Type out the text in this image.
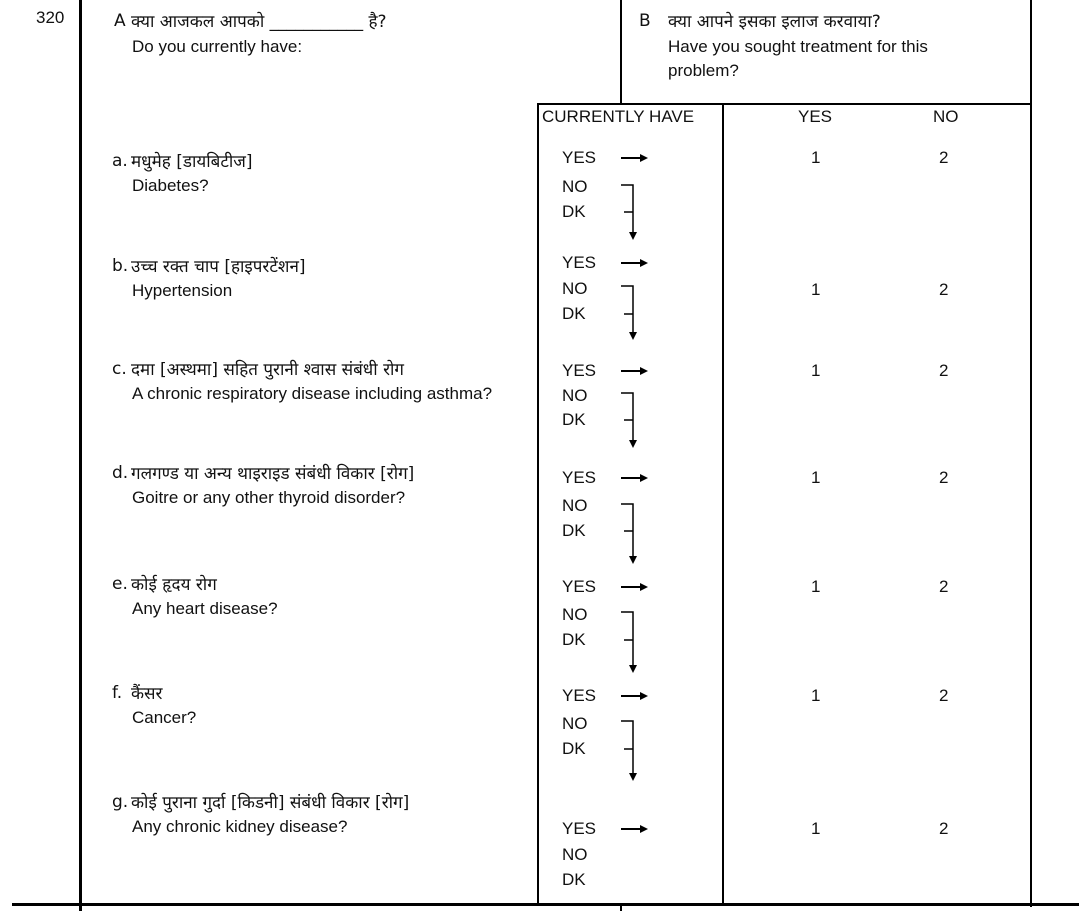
320	A क्या आजकल आपको ___________ है?
Do you currently have:
B क्या आपने इसका इलाज करवाया?
Have you sought treatment for this
problem?
CURRENTLY HAVE	YES	NO
a. मधुमेह [डायबिटीज]
Diabetes?
YES
NO
DK
1	2
b. उच्च रक्त चाप [हाइपरटेंशन]
Hypertension
YES
NO
DK
1	2
c. दमा [अस्थमा] सहित पुरानी श्वास संबंधी रोग
A chronic respiratory disease including asthma?
YES
NO
DK
1	2
d. गलगण्ड या अन्य थाइराइड संबंधी विकार [रोग]
Goitre or any other thyroid disorder?
YES
NO
DK
1	2
e. कोई हृदय रोग
Any heart disease?
YES
NO
DK
1	2
f. कैंसर
Cancer?
YES
NO
DK
1	2
g. कोई पुराना गुर्दा [किडनी] संबंधी विकार [रोग]
Any chronic kidney disease?	YES
NO
DK
1	2
